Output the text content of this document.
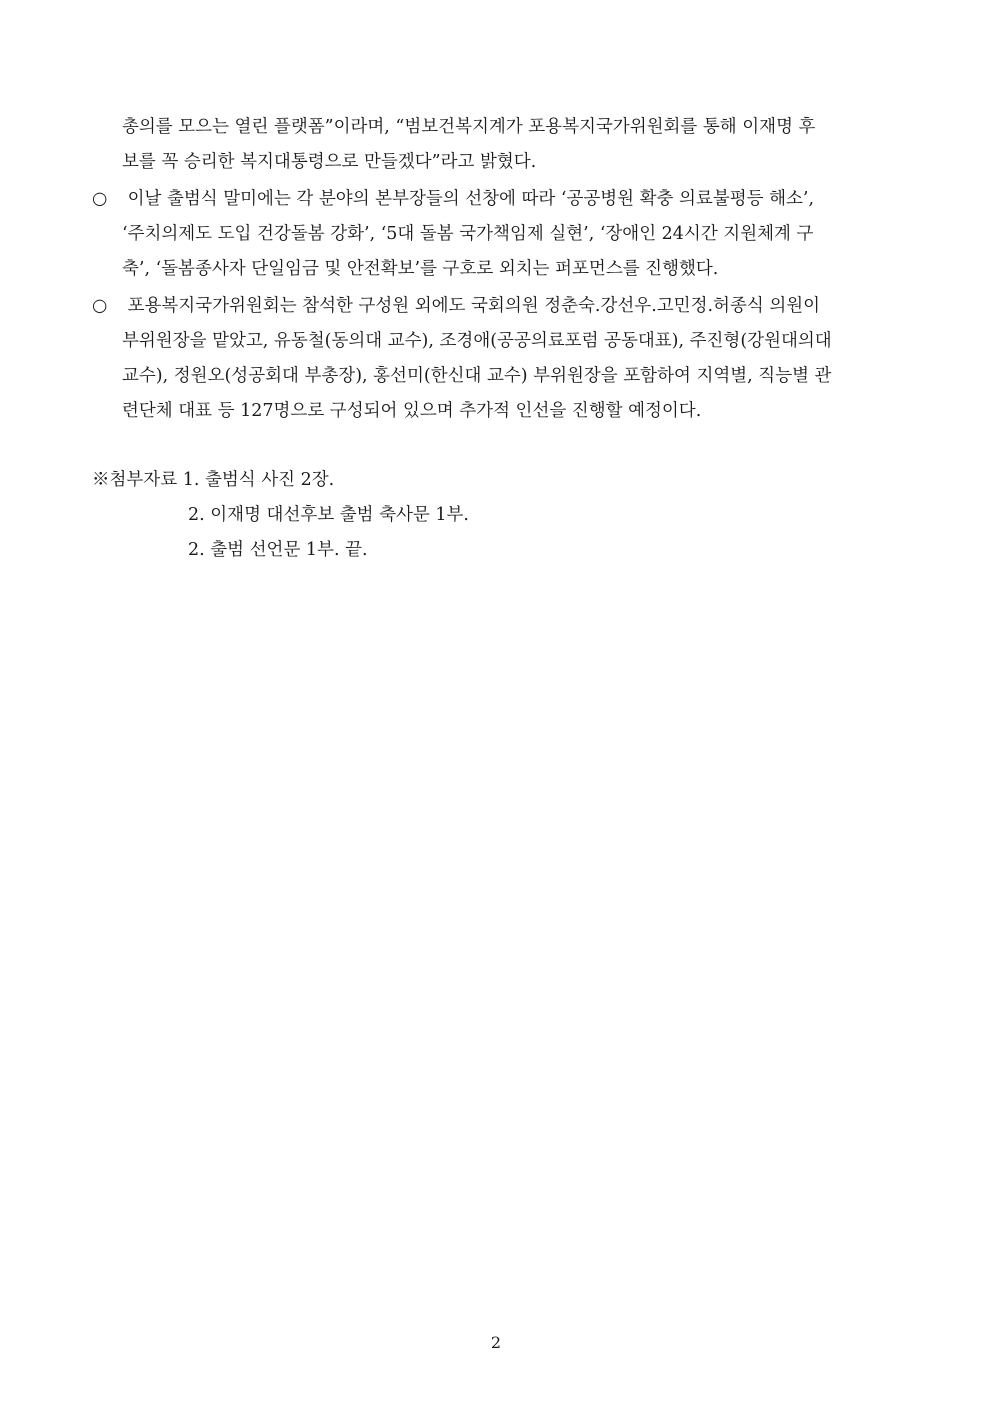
총의를 모으는 열린 플랫폼”이라며, “범보건복지계가 포용복지국가위원회를 통해 이재명 후
보를 꼭 승리한 복지대통령으로 만들겠다”라고 밝혔다.
○ 이날 출범식 말미에는 각 분야의 본부장들의 선창에 따라 ‘공공병원 확충 의료불평등 해소’,
‘주치의제도 도입 건강돌봄 강화’, ‘5대 돌봄 국가책임제 실현’, ‘장애인 24시간 지원체계 구
축’, ‘돌봄종사자 단일임금 및 안전확보’를 구호로 외치는 퍼포먼스를 진행했다.
○ 포용복지국가위원회는 참석한 구성원 외에도 국회의원 정춘숙.강선우.고민정.허종식 의원이
부위원장을 맡았고, 유동철(동의대 교수), 조경애(공공의료포럼 공동대표), 주진형(강원대의대
교수), 정원오(성공회대 부총장), 홍선미(한신대 교수) 부위원장을 포함하여 지역별, 직능별 관
련단체 대표 등 127명으로 구성되어 있으며 추가적 인선을 진행할 예정이다.
※첨부자료 1. 출범식 사진 2장.
2. 이재명 대선후보 출범 축사문 1부.
2. 출범 선언문 1부. 끝.
2
